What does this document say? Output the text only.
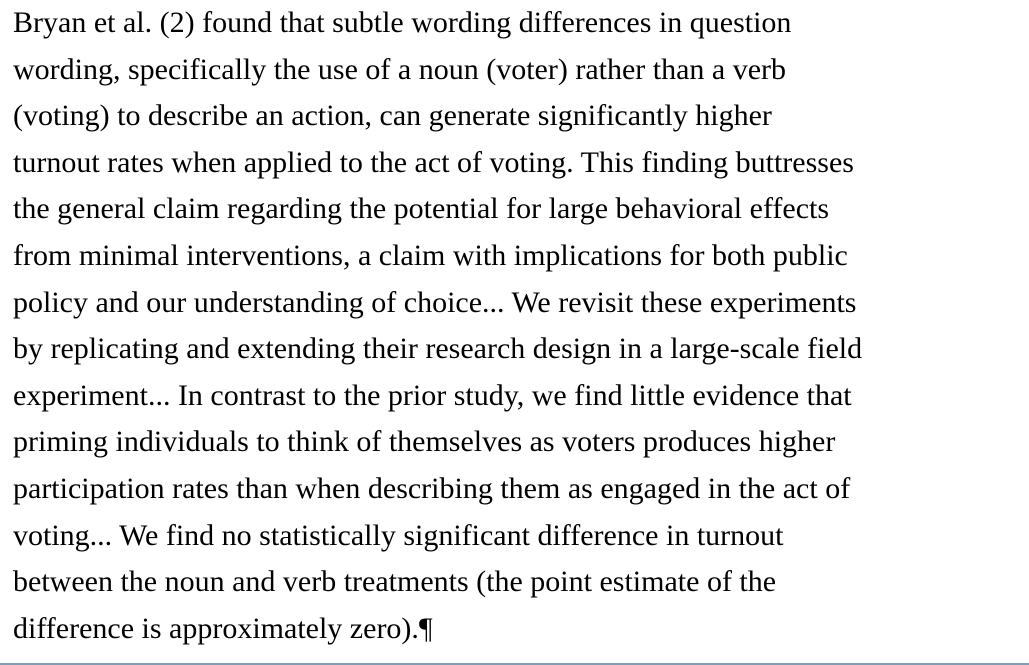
Bryan et al. (2) found that subtle wording differences in question
wording, specifically the use of a noun (voter) rather than a verb
(voting) to describe an action, can generate significantly higher
turnout rates when applied to the act of voting. This finding buttresses
the general claim regarding the potential for large behavioral effects
from minimal interventions, a claim with implications for both public
policy and our understanding of choice... We revisit these experiments
by replicating and extending their research design in a large-scale field
experiment... In contrast to the prior study, we find little evidence that
priming individuals to think of themselves as voters produces higher
participation rates than when describing them as engaged in the act of
voting... We find no statistically significant difference in turnout
between the noun and verb treatments (the point estimate of the
difference is approximately zero).¶
